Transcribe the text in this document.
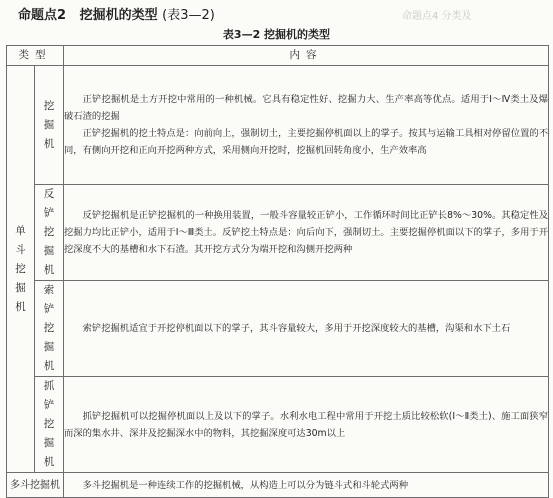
命题点2 挖掘机的类型 (表3—2)	命题点4 分类及
表3—2 挖掘机的类型
类型		内容

单斗挖掘机	挖掘机	正铲挖掘机是土方开挖中常用的一种机械。它具有稳定性好、挖掘力大、生产率高等优点。适用于Ⅰ～Ⅳ类土及爆破石渣的挖掘

正铲挖掘机的挖土特点是：向前向上，强制切土，主要挖掘停机面以上的掌子。按其与运输工具相对停留位置的不同，有侧向开挖和正向开挖两种方式，采用侧向开挖时，挖掘机回转角度小，生产效率高

	反铲挖掘机	反铲挖掘机是正铲挖掘机的一种换用装置，一般斗容量较正铲小，工作循环时间比正铲长8%～30%。其稳定性及挖掘力均比正铲小，适用于Ⅰ～Ⅲ类土。反铲挖土特点是：向后向下，强制切土。主要挖掘停机面以下的掌子，多用于开挖深度不大的基槽和水下石渣。其开挖方式分为端开挖和沟侧开挖两种

	索铲挖掘机	索铲挖掘机适宜于开挖停机面以下的掌子，其斗容量较大，多用于开挖深度较大的基槽，沟渠和水下土石

	抓铲挖掘机	抓铲挖掘机可以挖掘停机面以上及以下的掌子。水利水电工程中常用于开挖土质比较松软(Ⅰ～Ⅱ类土)、施工面狭窄而深的集水井、深井及挖掘深水中的物料，其挖掘深度可达30m以上

多斗挖掘机		多斗挖掘机是一种连续工作的挖掘机械，从构造上可以分为链斗式和斗轮式两种
